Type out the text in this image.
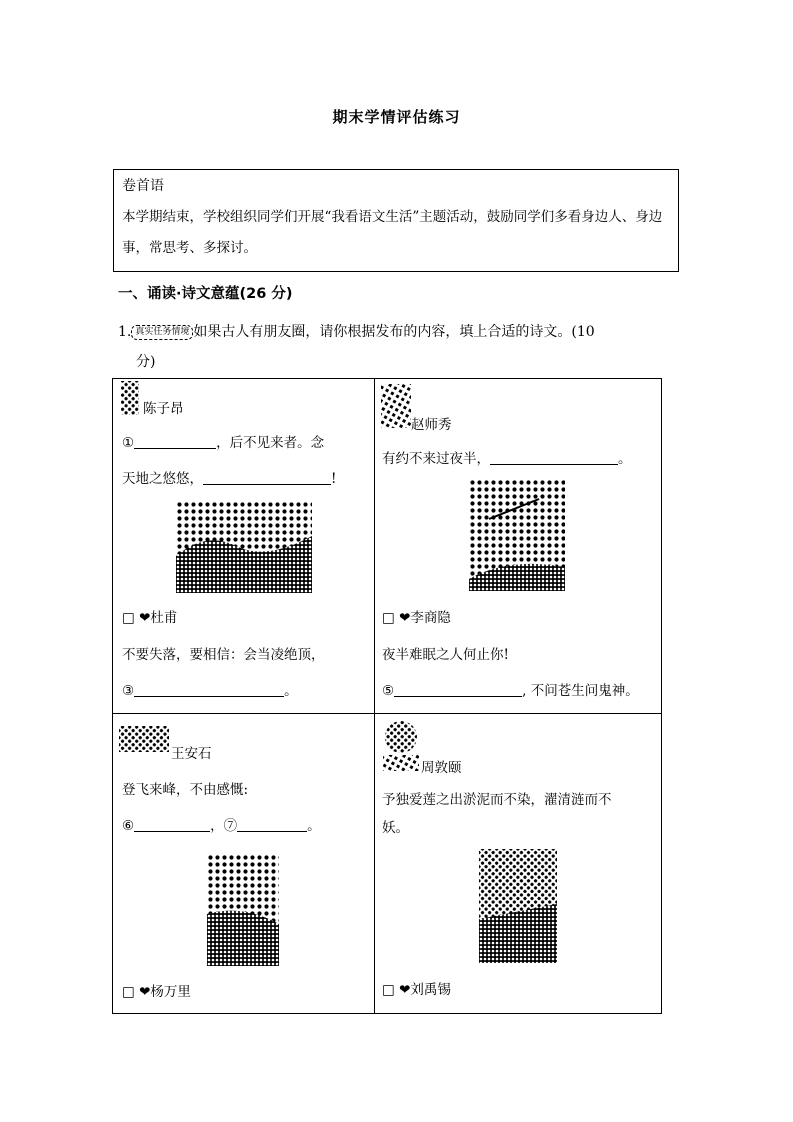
期末学情评估练习
卷首语
本学期结束，学校组织同学们开展“我看语文生活”主题活动，鼓励同学们多看身边人、身边事，常思考、多探讨。
一、诵读·诗文意蕴(26 分)
1. 真实任务情境 如果古人有朋友圈，请你根据发布的内容，填上合适的诗文。(10
分)
陈子昂
①	，后不见来者。念
天地之悠悠，	!
□ ❤杜甫
不要失落，要相信：会当凌绝顶，
③	。
赵师秀
有约不来过夜半，	。
□ ❤李商隐
夜半难眠之人何止你!
⑤	, 不问苍生问鬼神。
王安石
登飞来峰，不由感慨:
⑥	，⑦	。
□ ❤杨万里
周敦颐
予独爱莲之出淤泥而不染，濯清涟而不
妖。
□ ❤刘禹锡
